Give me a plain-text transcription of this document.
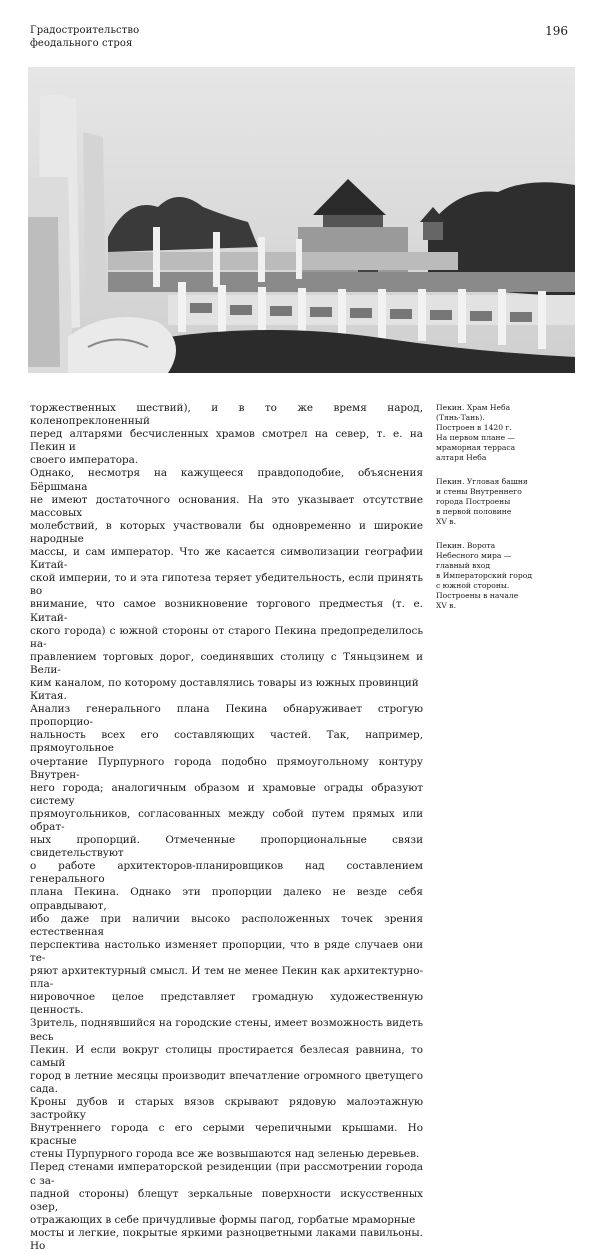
Градостроительство
феодального строя
196

торжественных шествий), и в то же время народ, коленопреклоненный
перед алтарями бесчисленных храмов смотрел на север, т. е. на Пекин и
своего императора.

Однако, несмотря на кажущееся правдоподобие, объяснения Бёршмана
не имеют достаточного основания. На это указывает отсутствие массовых
молебствий, в которых участвовали бы одновременно и широкие народные
массы, и сам император. Что же касается символизации географии Китай-
ской империи, то и эта гипотеза теряет убедительность, если принять во
внимание, что самое возникновение торгового предместья (т. е. Китай-
ского города) с южной стороны от старого Пекина предопределилось на-
правлением торговых дорог, соединявших столицу с Тяньцзинем и Вели-
ким каналом, по которому доставлялись товары из южных провинций
Китая.

Анализ генерального плана Пекина обнаруживает строгую пропорцио-
нальность всех его составляющих частей. Так, например, прямоугольное
очертание Пурпурного города подобно прямоугольному контуру Внутрен-
него города; аналогичным образом и храмовые ограды образуют систему
прямоугольников, согласованных между собой путем прямых или обрат-
ных пропорций. Отмеченные пропорциональные связи свидетельствуют
о работе архитекторов-планировщиков над составлением генерального
плана Пекина. Однако эти пропорции далеко не везде себя оправдывают,
ибо даже при наличии высоко расположенных точек зрения естественная
перспектива настолько изменяет пропорции, что в ряде случаев они те-
ряют архитектурный смысл. И тем не менее Пекин как архитектурно-пла-
нировочное целое представляет громадную художественную ценность.

Зритель, поднявшийся на городские стены, имеет возможность видеть весь
Пекин. И если вокруг столицы простирается безлесая равнина, то самый
город в летние месяцы производит впечатление огромного цветущего сада.
Кроны дубов и старых вязов скрывают рядовую малоэтажную застройку
Внутреннего города с его серыми черепичными крышами. Но красные
стены Пурпурного города все же возвышаются над зеленью деревьев.
Перед стенами императорской резиденции (при рассмотрении города с за-
падной стороны) блещут зеркальные поверхности искусственных озер,
отражающих в себе причудливые формы пагод, горбатые мраморные
мосты и легкие, покрытые яркими разноцветными лаками павильоны. Но

Пекин. Храм Неба
(Тянь-Тань).
Построен в 1420 г.
На первом плане —
мраморная терраса
алтаря Неба
Пекин. Угловая башня
и стены Внутреннего
города Построены
в первой половине
XV в.
Пекин. Ворота
Небесного мира —
главный вход
в Императорский город
с южной стороны.
Построены в начале
XV в.
